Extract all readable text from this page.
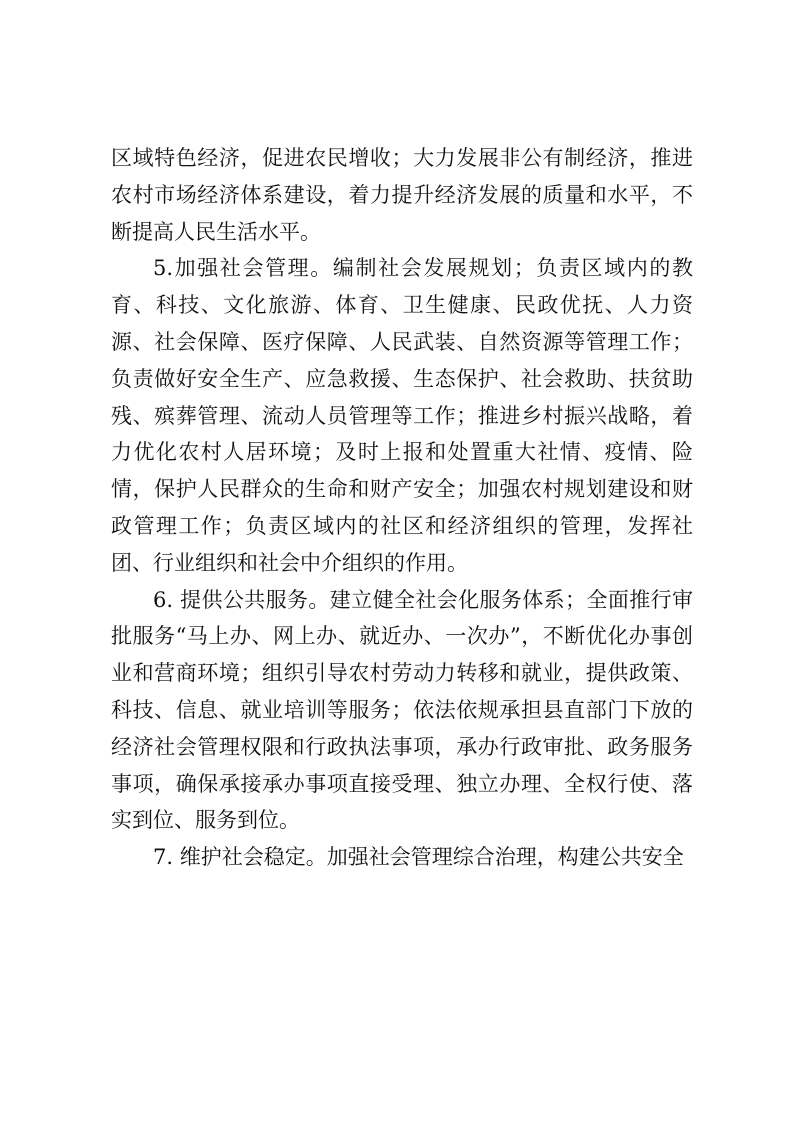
区域特色经济，促进农民增收；大力发展非公有制经济，推进农村市场经济体系建设，着力提升经济发展的质量和水平，不断提高人民生活水平。

5.加强社会管理。编制社会发展规划；负责区域内的教育、科技、文化旅游、体育、卫生健康、民政优抚、人力资源、社会保障、医疗保障、人民武装、自然资源等管理工作；负责做好安全生产、应急救援、生态保护、社会救助、扶贫助残、殡葬管理、流动人员管理等工作；推进乡村振兴战略，着力优化农村人居环境；及时上报和处置重大社情、疫情、险情，保护人民群众的生命和财产安全；加强农村规划建设和财政管理工作；负责区域内的社区和经济组织的管理，发挥社团、行业组织和社会中介组织的作用。

6. 提供公共服务。建立健全社会化服务体系；全面推行审批服务“马上办、网上办、就近办、一次办”，不断优化办事创业和营商环境；组织引导农村劳动力转移和就业，提供政策、科技、信息、就业培训等服务；依法依规承担县直部门下放的经济社会管理权限和行政执法事项，承办行政审批、政务服务事项，确保承接承办事项直接受理、独立办理、全权行使、落实到位、服务到位。

7. 维护社会稳定。加强社会管理综合治理，构建公共安全
